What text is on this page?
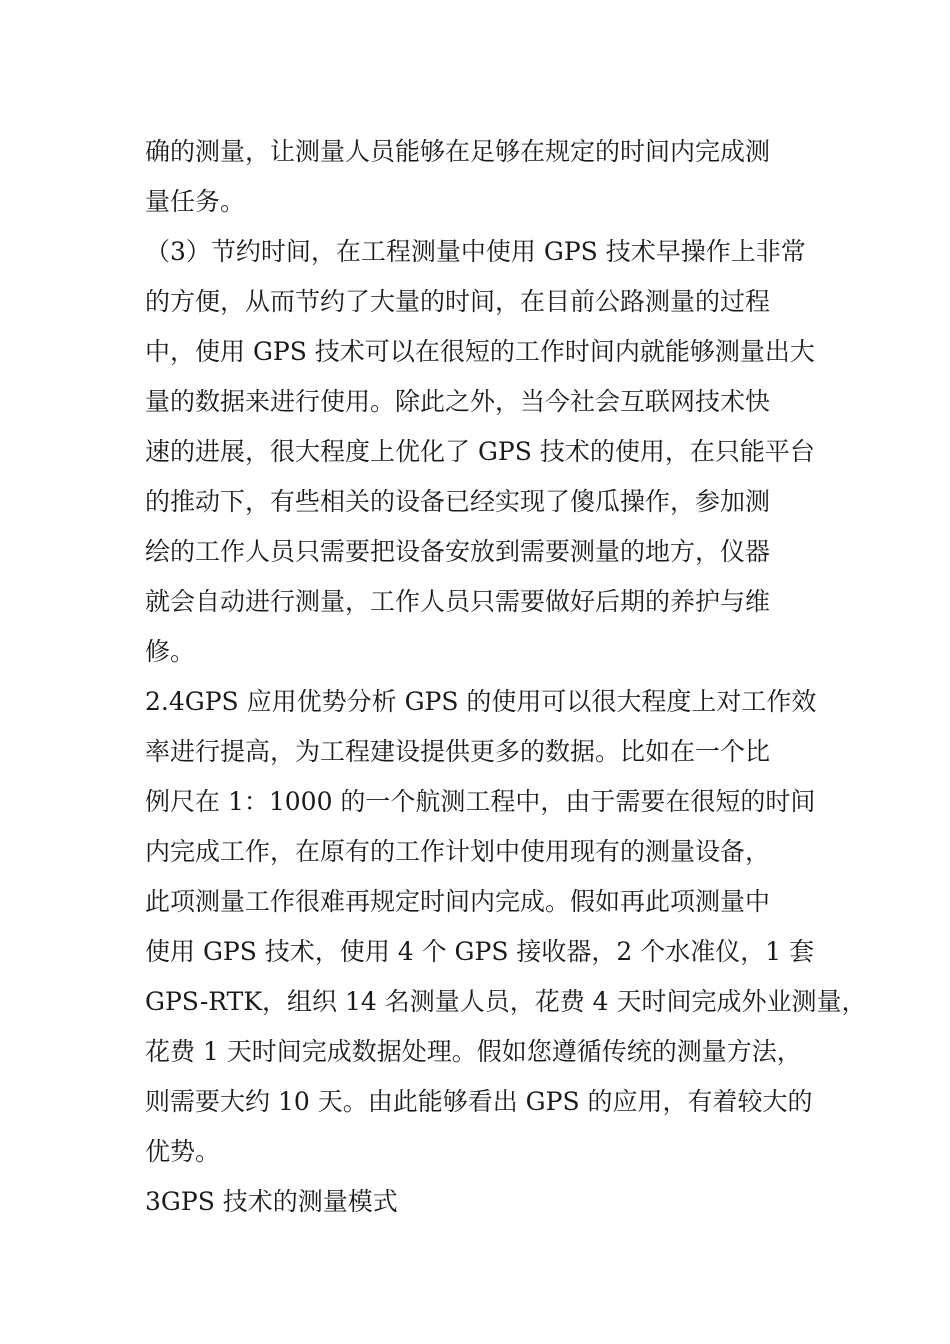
确的测量，让测量人员能够在足够在规定的时间内完成测
量任务。
（3）节约时间，在工程测量中使用 GPS 技术早操作上非常
的方便，从而节约了大量的时间，在目前公路测量的过程
中，使用 GPS 技术可以在很短的工作时间内就能够测量出大
量的数据来进行使用。除此之外，当今社会互联网技术快
速的进展，很大程度上优化了 GPS 技术的使用，在只能平台
的推动下，有些相关的设备已经实现了傻瓜操作，参加测
绘的工作人员只需要把设备安放到需要测量的地方，仪器
就会自动进行测量，工作人员只需要做好后期的养护与维
修。
2.4GPS 应用优势分析 GPS 的使用可以很大程度上对工作效
率进行提高，为工程建设提供更多的数据。比如在一个比
例尺在 1：1000 的一个航测工程中，由于需要在很短的时间
内完成工作，在原有的工作计划中使用现有的测量设备，
此项测量工作很难再规定时间内完成。假如再此项测量中
使用 GPS 技术，使用 4 个 GPS 接收器，2 个水准仪，1 套
GPS-RTK，组织 14 名测量人员，花费 4 天时间完成外业测量，
花费 1 天时间完成数据处理。假如您遵循传统的测量方法，
则需要大约 10 天。由此能够看出 GPS 的应用，有着较大的
优势。
3GPS 技术的测量模式
